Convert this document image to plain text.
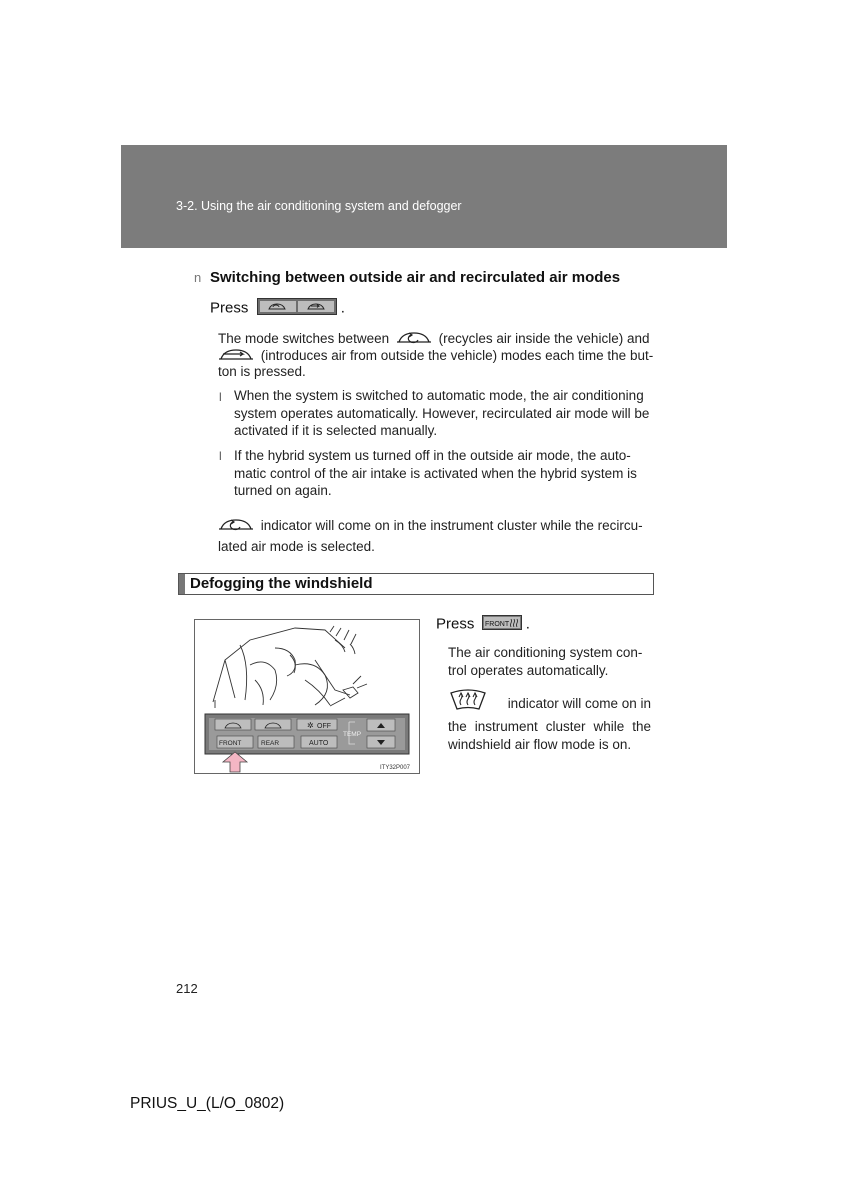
3-2. Using the air conditioning system and defogger
n Switching between outside air and recirculated air modes
Press	.
The mode switches between	(recycles air inside the vehicle) and
(introduces air from outside the vehicle) modes each time the but-
ton is pressed.
l When the system is switched to automatic mode, the air conditioning
system operates automatically. However, recirculated air mode will be
activated if it is selected manually.
l If the hybrid system us turned off in the outside air mode, the auto-
matic control of the air intake is activated when the hybrid system is
turned on again.
indicator will come on in the instrument cluster while the recircu-
lated air mode is selected.
Defogging the windshield
✲ OFF
FRONT	REAR	AUTO
TEMP
ITY32P007
Press FRONT .
The air conditioning system con-
trol operates automatically.
indicator will come on in
the instrument cluster while the
windshield air flow mode is on.
212
PRIUS_U_(L/O_0802)
